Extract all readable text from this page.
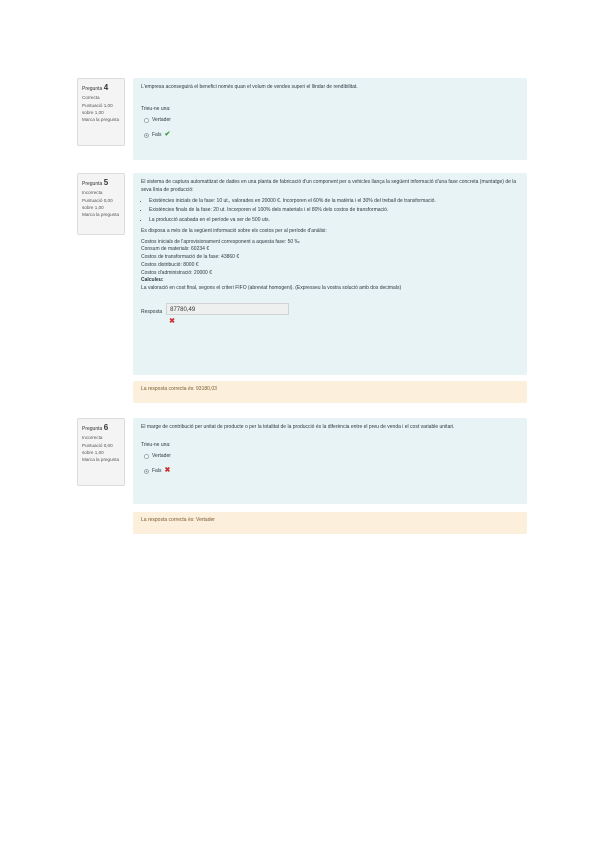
Pregunta 4
Correcta
Puntuació 1,00 sobre 1,00
Marca la pregunta

L'empresa aconseguirà el benefici només quan el volum de vendes superi el llindar de rendibilitat.

Trieu-ne una:

Vertader
Fals ✔
Pregunta 5
Incorrecta
Puntuació 0,00 sobre 1,00
Marca la pregunta

El sistema de captura automatitzat de dades en una planta de fabricació d'un component per a vehicles llança la següent informació d'una fase concreta (muntatge) de la seva línia de producció:

• Existències inicials de la fase: 10 ut., valorades en 20000 €. Incorporen el 60% de la matèria i el 30% del treball de transformació.
• Existències finals de la fase: 20 ut. Incorporen el 100% dels materials i el 80% dels costos de transformació.
• La producció acabada en el període va ser de 500 uts.

Es disposa a més de la següent informació sobre els costos per al període d'anàlisi:

Costos inicials de l'aprovisionament corresponent a aquesta fase: 50 ‰
Consum de materials: 60234 €
Costos de transformació de la fase: 43860 €
Costos distribució: 8000 €
Costos d'administració: 20000 €
Calculeu:
La valoració en cost final, segons el criteri FIFO (abreviat homogeni). (Expresseu la vostra solució amb dos decimals)
Resposta	87780,49
✖
La resposta correcta és: 93180,03
Pregunta 6
Incorrecta
Puntuació 0,00 sobre 1,00
Marca la pregunta

El marge de contribució per unitat de producte o per la totalitat de la producció és la diferència entre el preu de venda i el cost variable unitari.

Trieu-ne una:

Vertader
Fals ✖
La resposta correcta és: Vertader
